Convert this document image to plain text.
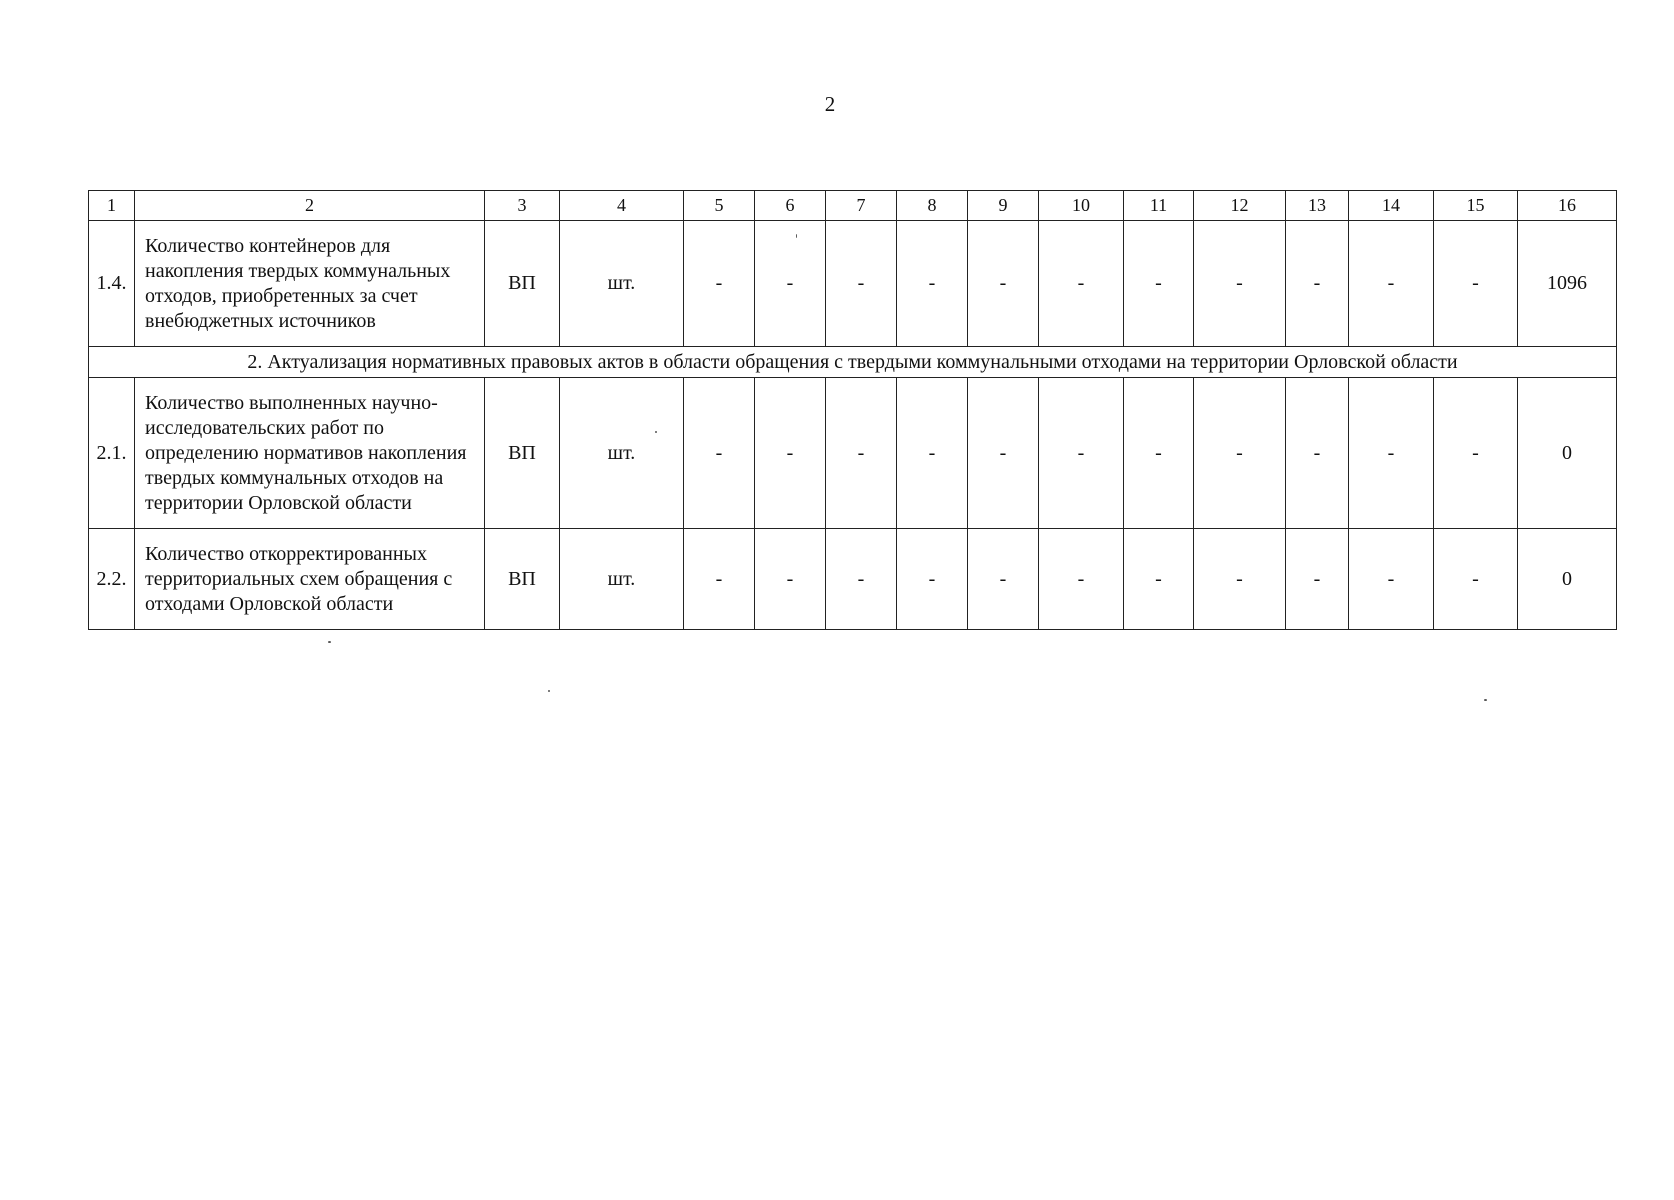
2
1	2	3	4	5	6	7	8	9	10	11	12	13	14	15	16
1.4.	Количество контейнеров для накопления твердых коммунальных отходов, приобретенных за счет внебюджетных источников	ВП	шт.	-	-	-	-	-	-	-	-	-	-	-	1096
2. Актуализация нормативных правовых актов в области обращения с твердыми коммунальными отходами на территории Орловской области															
2.1.	Количество выполненных научно-исследовательских работ по определению нормативов накопления твердых коммунальных отходов на территории Орловской области	ВП	шт.	-	-	-	-	-	-	-	-	-	-	-	0
2.2.	Количество откорректированных территориальных схем обращения с отходами Орловской области	ВП	шт.	-	-	-	-	-	-	-	-	-	-	-	0
